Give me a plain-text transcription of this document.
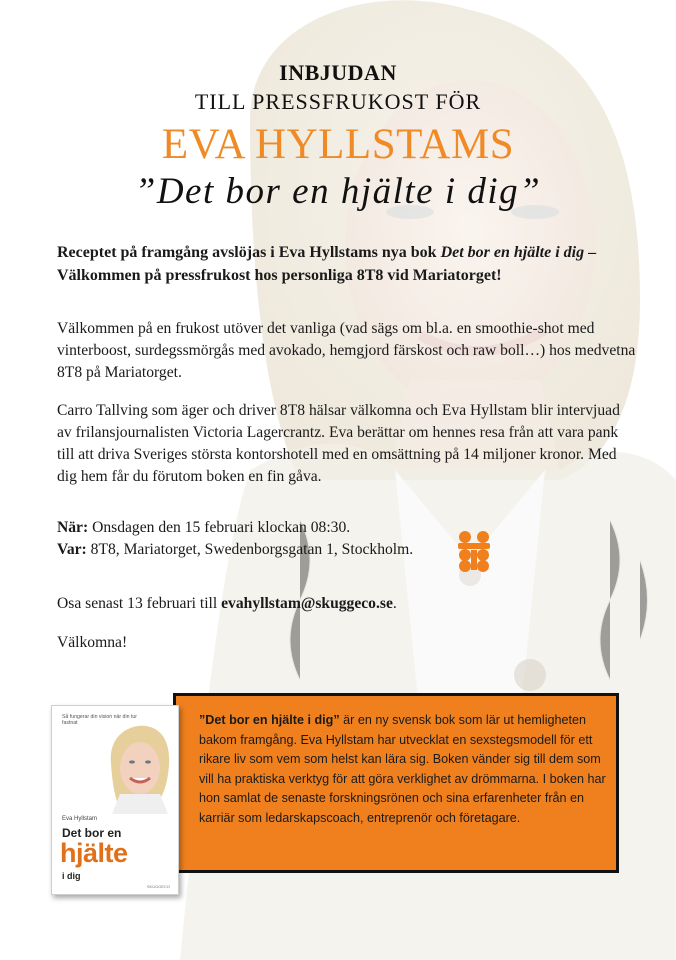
INBJUDAN
TILL PRESSFRUKOST FÖR
EVA HYLLSTAMS
”Det bor en hjälte i dig”
Receptet på framgång avslöjas i Eva Hyllstams nya bok Det bor en hjälte i dig – Välkommen på pressfrukost hos personliga 8T8 vid Mariatorget!
Välkommen på en frukost utöver det vanliga (vad sägs om bl.a. en smoothie-shot med vinterboost, surdegssmörgås med avokado, hemgjord färskost och raw boll…) hos medvetna 8T8 på Mariatorget.
Carro Tallving som äger och driver 8T8 hälsar välkomna och Eva Hyllstam blir intervjuad av frilansjournalisten Victoria Lagercrantz. Eva berättar om hennes resa från att vara pank till att driva Sveriges största kontorshotell med en omsättning på 14 miljoner kronor. Med dig hem får du förutom boken en fin gåva.
När: Onsdagen den 15 februari klockan 08:30.
Var: 8T8, Mariatorget, Swedenborgsgatan 1, Stockholm.
Osa senast 13 februari till evahyllstam@skuggeco.se.
Välkomna!
”Det bor en hjälte i dig” är en ny svensk bok som lär ut hemligheten bakom framgång. Eva Hyllstam har utvecklat en sexstegsmodell för ett rikare liv som vem som helst kan lära sig. Boken vänder sig till dem som vill ha praktiska verktyg för att göra verklighet av drömmarna. I boken har hon samlat de senaste forskningsrönen och sina erfarenheter från en karriär som ledarskapscoach, entreprenör och företagare.
Så fungerar din vision när din tur fastnat
Eva Hyllstam
Det bor en
hjälte
i dig
SKUGGECO
